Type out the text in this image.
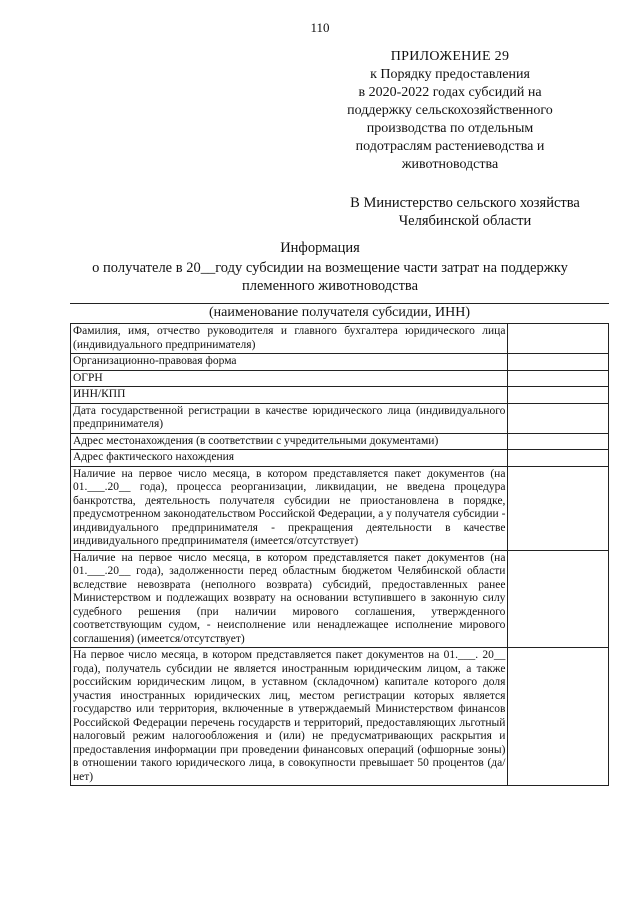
110
ПРИЛОЖЕНИЕ 29
к Порядку предоставления
в 2020-2022 годах субсидий на
поддержку сельскохозяйственного
производства по отдельным
подотраслям растениеводства и
животноводства
В Министерство сельского хозяйства
Челябинской области
Информация
о получателе в 20__году субсидии на возмещение части затрат на поддержку
племенного животноводства
(наименование получателя субсидии, ИНН)
Фамилия, имя, отчество руководителя и главного бухгалтера юридического лица (индивидуального предпринимателя)	
Организационно-правовая форма	
ОГРН	
ИНН/КПП	
Дата государственной регистрации в качестве юридического лица (индивидуального предпринимателя)	
Адрес местонахождения (в соответствии с учредительными документами)	
Адрес фактического нахождения	
Наличие на первое число месяца, в котором представляется пакет документов (на 01.___.20__ года), процесса реорганизации, ликвидации, не введена процедура банкротства, деятельность получателя субсидии не приостановлена в порядке, предусмотренном законодательством Российской Федерации, а у получателя субсидии - индивидуального предпринимателя - прекращения деятельности в качестве индивидуального предпринимателя (имеется/отсутствует)	
Наличие на первое число месяца, в котором представляется пакет документов (на 01.___.20__ года), задолженности перед областным бюджетом Челябинской области вследствие невозврата (неполного возврата) субсидий, предоставленных ранее Министерством и подлежащих возврату на основании вступившего в законную силу судебного решения (при наличии мирового соглашения, утвержденного соответствующим судом, - неисполнение или ненадлежащее исполнение мирового соглашения) (имеется/отсутствует)	
На первое число месяца, в котором представляется пакет документов на 01.___. 20__ года), получатель субсидии не является иностранным юридическим лицом, а также российским юридическим лицом, в уставном (складочном) капитале которого доля участия иностранных юридических лиц, местом регистрации которых является государство или территория, включенные в утверждаемый Министерством финансов Российской Федерации перечень государств и территорий, предоставляющих льготный налоговый режим налогообложения и (или) не предусматривающих раскрытия и предоставления информации при проведении финансовых операций (офшорные зоны) в отношении такого юридического лица, в совокупности превышает 50 процентов (да/нет)	
